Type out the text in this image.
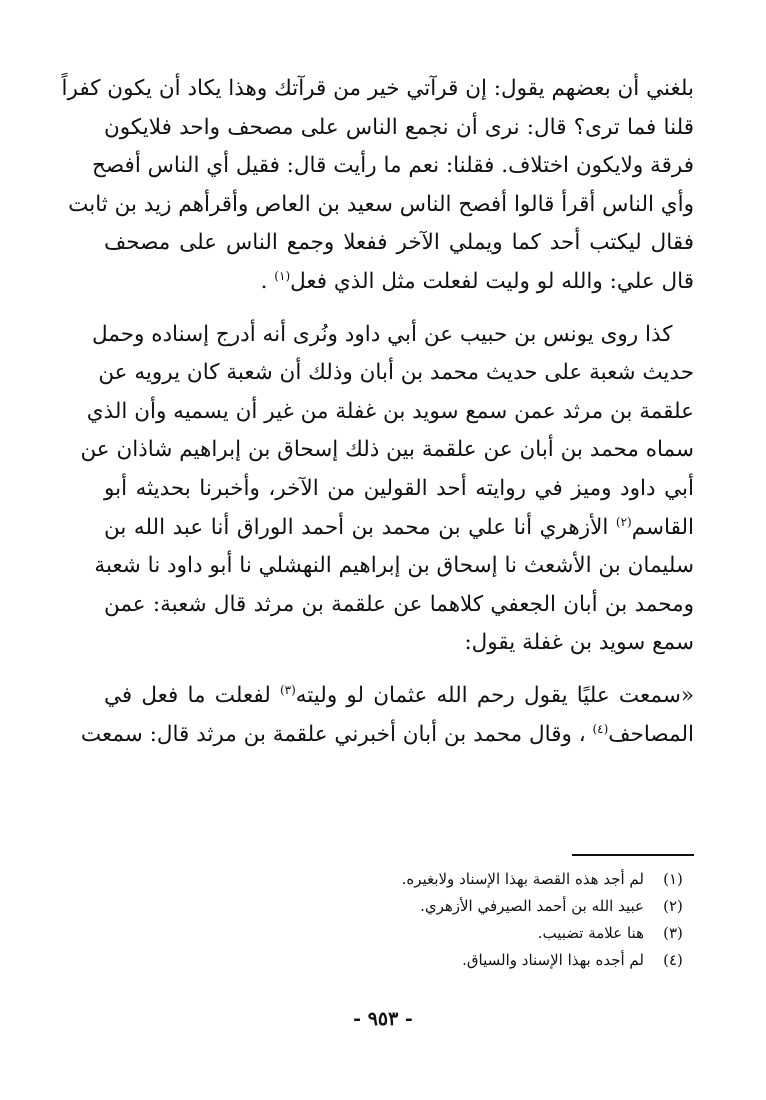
بلغني أن بعضهم يقول: إن قرآتي خير من قرآتك وهذا يكاد أن يكون كفراً
قلنا فما ترى؟ قال: نرى أن نجمع الناس على مصحف واحد فلايكون
فرقة ولايكون اختلاف. فقلنا: نعم ما رأيت قال: فقيل أي الناس أفصح
وأي الناس أقرأ قالوا أفصح الناس سعيد بن العاص وأقرأهم زيد بن ثابت
فقال ليكتب أحد كما ويملي الآخر ففعلا وجمع الناس على مصحف
قال علي: والله لو وليت لفعلت مثل الذي فعل$^{(١)}$ .

 كذا روى يونس بن حبيب عن أبي داود ونُرى أنه أدرج إسناده وحمل
حديث شعبة على حديث محمد بن أبان وذلك أن شعبة كان يرويه عن
علقمة بن مرثد عمن سمع سويد بن غفلة من غير أن يسميه وأن الذي
سماه محمد بن أبان عن علقمة بين ذلك إسحاق بن إبراهيم شاذان عن
أبي داود وميز في روايته أحد القولين من الآخر، وأخبرنا بحديثه أبو
القاسم$^{(٢)}$ الأزهري أنا علي بن محمد بن أحمد الوراق أنا عبد الله بن
سليمان بن الأشعث نا إسحاق بن إبراهيم النهشلي نا أبو داود نا شعبة
ومحمد بن أبان الجعفي كلاهما عن علقمة بن مرثد قال شعبة: عمن
سمع سويد بن غفلة يقول:

«سمعت عليًا يقول رحم الله عثمان لو وليته$^{(٣)}$ لفعلت ما فعل في
المصاحف$^{(٤)}$ ، وقال محمد بن أبان أخبرني علقمة بن مرثد قال: سمعت

(١)
لم أجد هذه القصة بهذا الإسناد ولابغيره.
(٢)
عبيد الله بن أحمد الصيرفي الأزهري.
(٣)
هنا علامة تضبيب.
(٤)
لم أجده بهذا الإسناد والسياق.
- ٩٥٣ -
